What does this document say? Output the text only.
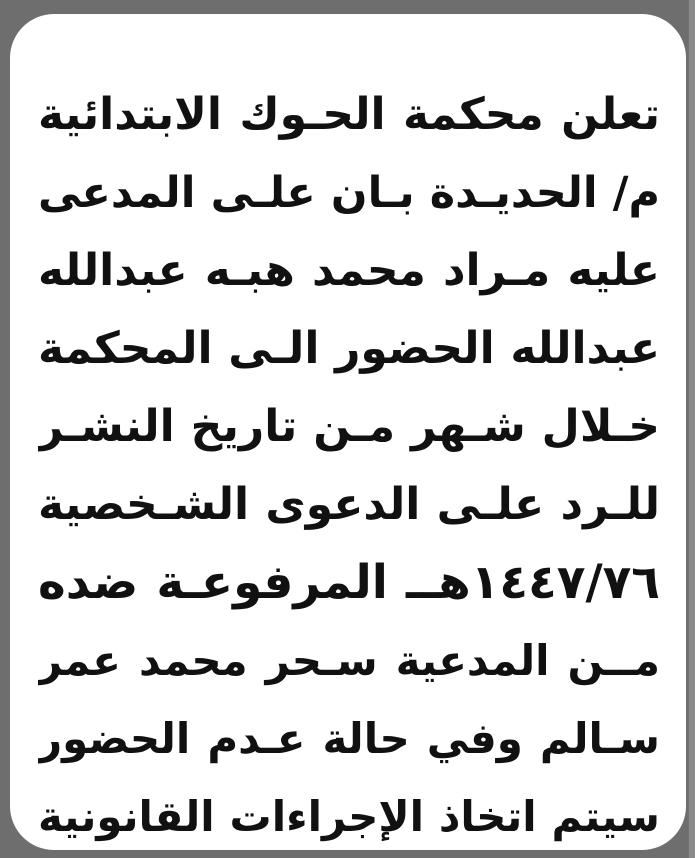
تعلن محكمة الحـوك الابتدائية
م/ الحديـدة بـان علـى المدعى
عليه مـراد محمد هبـه عبدالله
عبدالله الحضور الـى المحكمة
خـلال شـهر مـن تاريخ النشـر
للـرد علـى الدعوى الشـخصية
١٤٤٧/٧٦هــ المرفوعـة ضده
مــن المدعية سـحر محمد عمر
سـالم وفي حالة عـدم الحضور
سيتم اتخاذ الإجراءات القانونية
